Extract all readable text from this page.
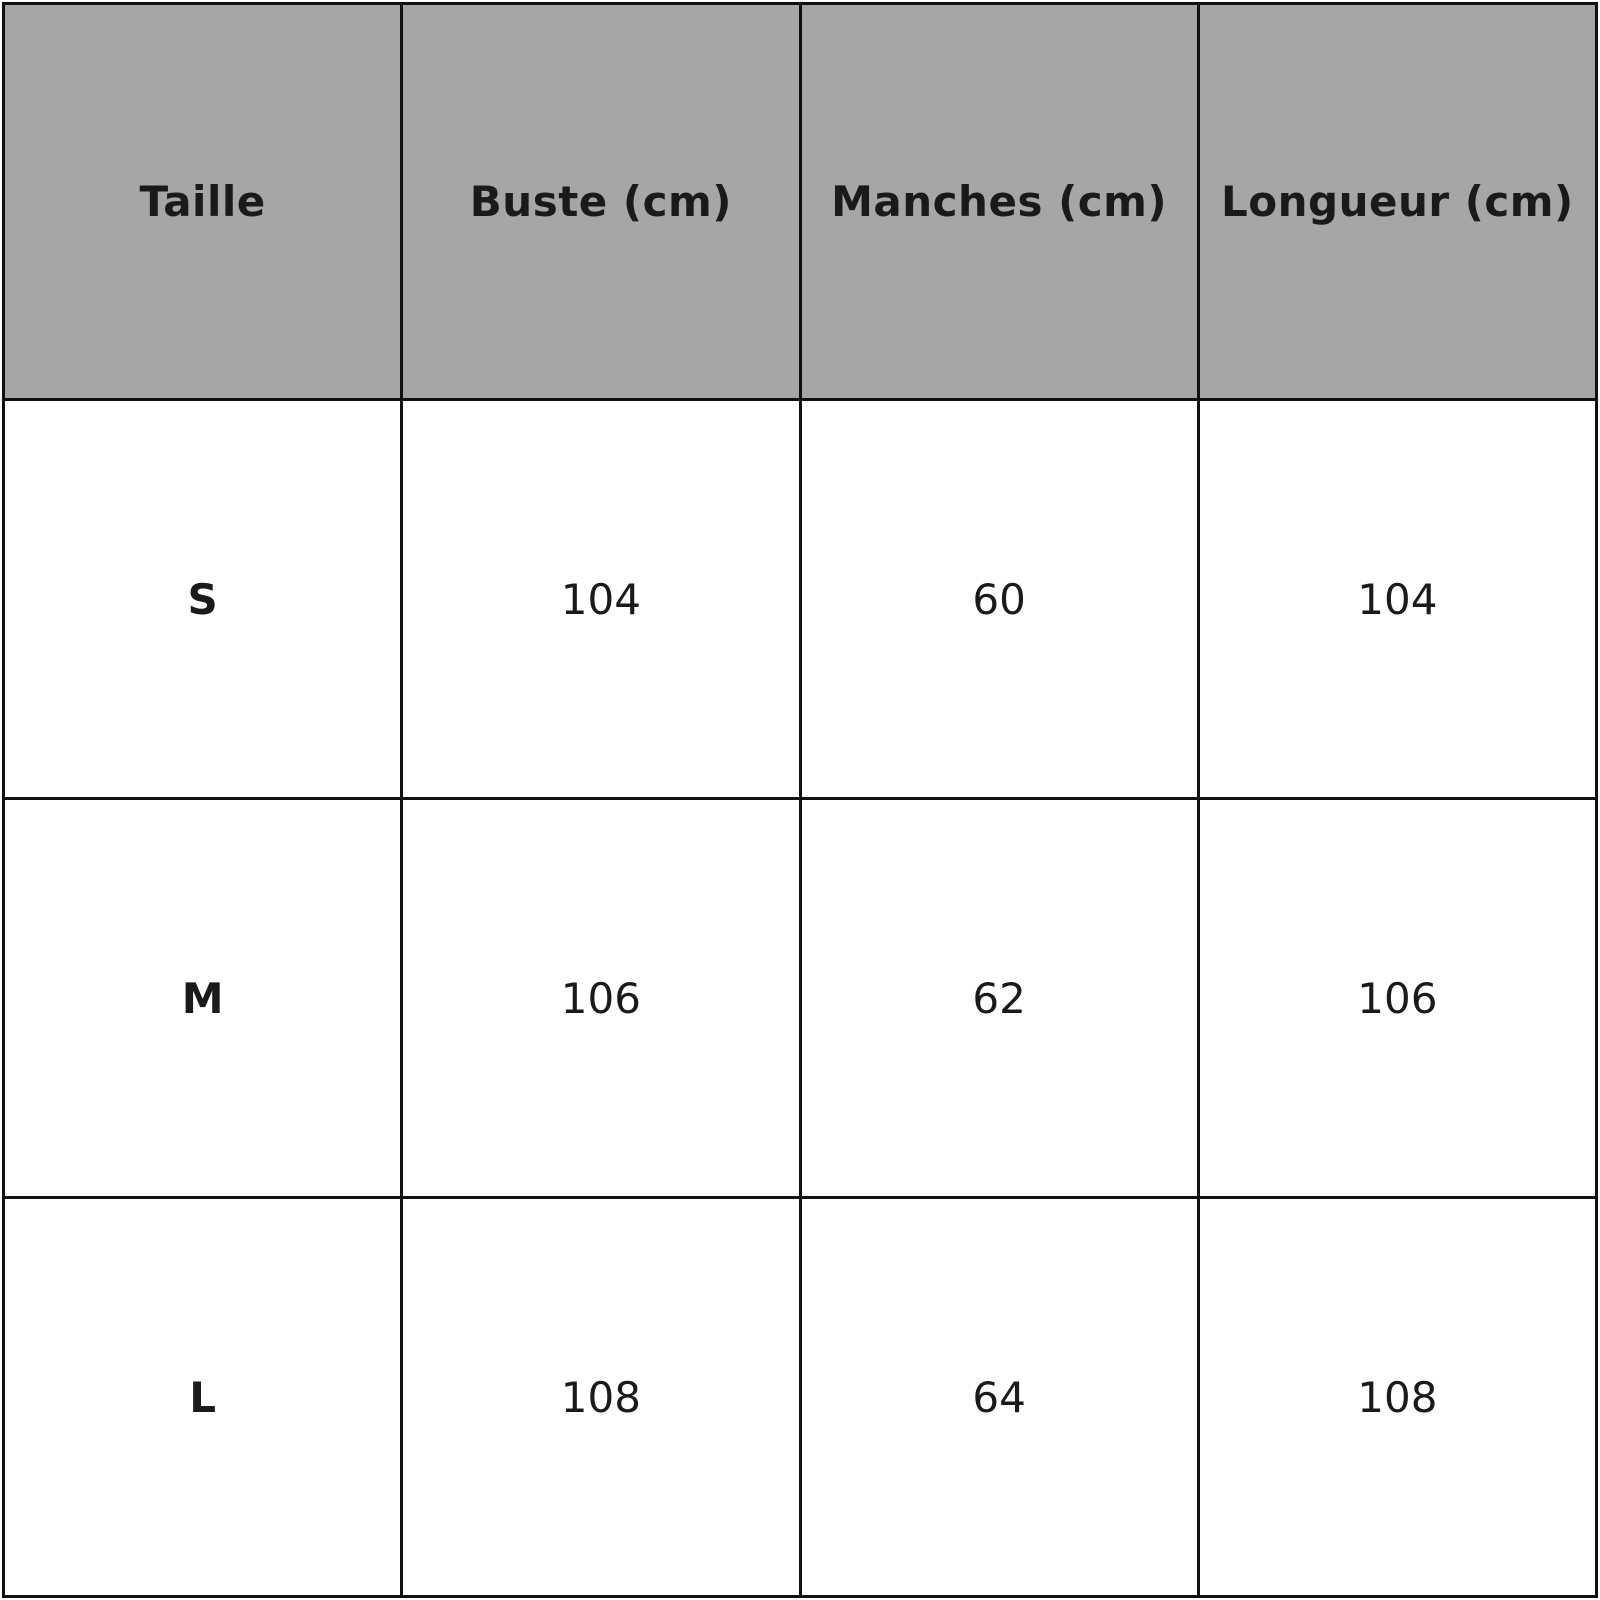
Taille	Buste (cm)	Manches (cm)	Longueur (cm)
S	104	60	104
M	106	62	106
L	108	64	108
